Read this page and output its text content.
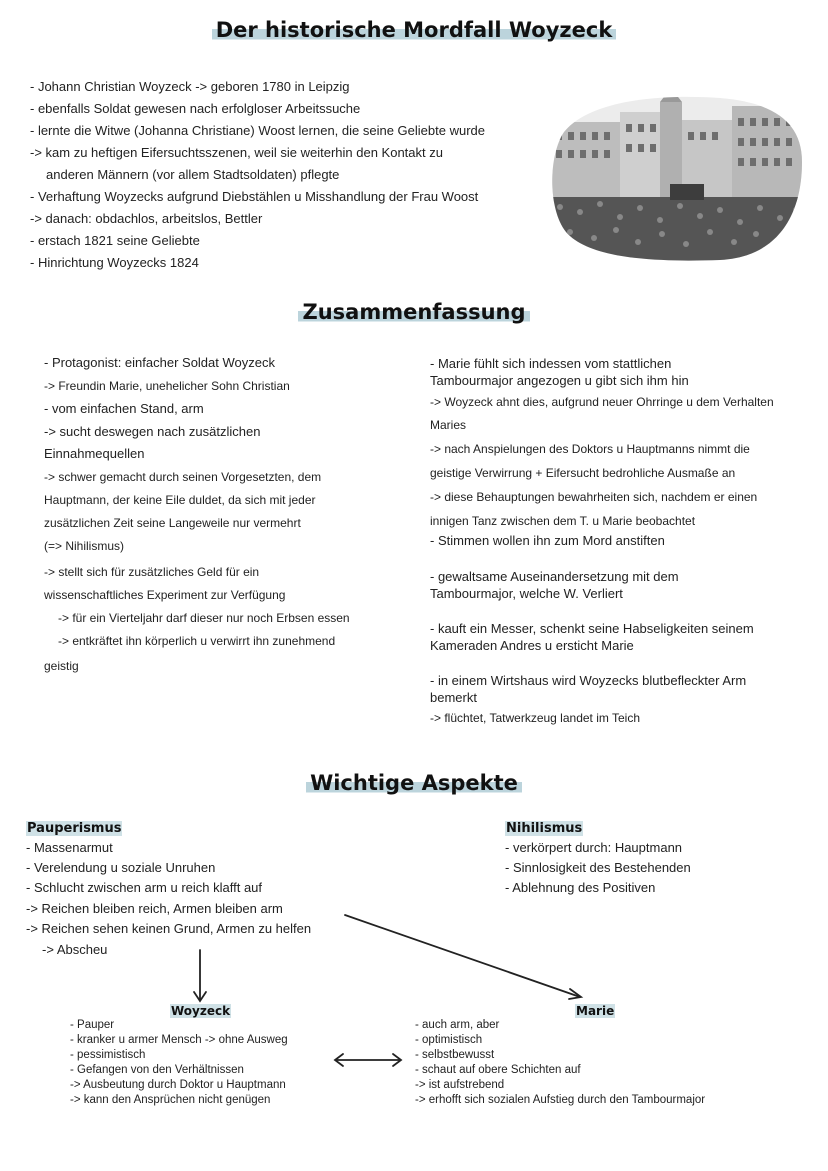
Der historische Mordfall Woyzeck
- Johann Christian Woyzeck -> geboren 1780 in Leipzig
- ebenfalls Soldat gewesen nach erfolgloser Arbeitssuche
- lernte die Witwe (Johanna Christiane) Woost lernen, die seine Geliebte wurde
-> kam zu heftigen Eifersuchtsszenen, weil sie weiterhin den Kontakt zu
anderen Männern (vor allem Stadtsoldaten) pflegte
- Verhaftung Woyzecks aufgrund Diebstählen u Misshandlung der Frau Woost
-> danach: obdachlos, arbeitslos, Bettler
- erstach 1821 seine Geliebte
- Hinrichtung Woyzecks 1824
Zusammenfassung
- Protagonist: einfacher Soldat Woyzeck
-> Freundin Marie, unehelicher Sohn Christian
- vom einfachen Stand, arm
-> sucht deswegen nach zusätzlichen
Einnahmequellen
-> schwer gemacht durch seinen Vorgesetzten, dem
Hauptmann, der keine Eile duldet, da sich mit jeder
zusätzlichen Zeit seine Langeweile nur vermehrt
(=> Nihilismus)
-> stellt sich für zusätzliches Geld für ein
wissenschaftliches Experiment zur Verfügung
-> für ein Vierteljahr darf dieser nur noch Erbsen essen
-> entkräftet ihn körperlich u verwirrt ihn zunehmend
geistig
- Marie fühlt sich indessen vom stattlichen
Tambourmajor angezogen u gibt sich ihm hin
-> Woyzeck ahnt dies, aufgrund neuer Ohrringe u dem Verhalten
Maries
-> nach Anspielungen des Doktors u Hauptmanns nimmt die
geistige Verwirrung + Eifersucht bedrohliche Ausmaße an
-> diese Behauptungen bewahrheiten sich, nachdem er einen
innigen Tanz zwischen dem T. u Marie beobachtet
- Stimmen wollen ihn zum Mord anstiften
- gewaltsame Auseinandersetzung mit dem
Tambourmajor, welche W. Verliert
- kauft ein Messer, schenkt seine Habseligkeiten seinem
Kameraden Andres u ersticht Marie
- in einem Wirtshaus wird Woyzecks blutbefleckter Arm
bemerkt
-> flüchtet, Tatwerkzeug landet im Teich
Wichtige Aspekte
Pauperismus
- Massenarmut
- Verelendung u soziale Unruhen
- Schlucht zwischen arm u reich klafft auf
-> Reichen bleiben reich, Armen bleiben arm
-> Reichen sehen keinen Grund, Armen zu helfen
-> Abscheu
Nihilismus
- verkörpert durch: Hauptmann
- Sinnlosigkeit des Bestehenden
- Ablehnung des Positiven
Woyzeck
- Pauper
- kranker u armer Mensch -> ohne Ausweg
- pessimistisch
- Gefangen von den Verhältnissen
-> Ausbeutung durch Doktor u Hauptmann
-> kann den Ansprüchen nicht genügen
Marie
- auch arm, aber
- optimistisch
- selbstbewusst
- schaut auf obere Schichten auf
-> ist aufstrebend
-> erhofft sich sozialen Aufstieg durch den Tambourmajor
